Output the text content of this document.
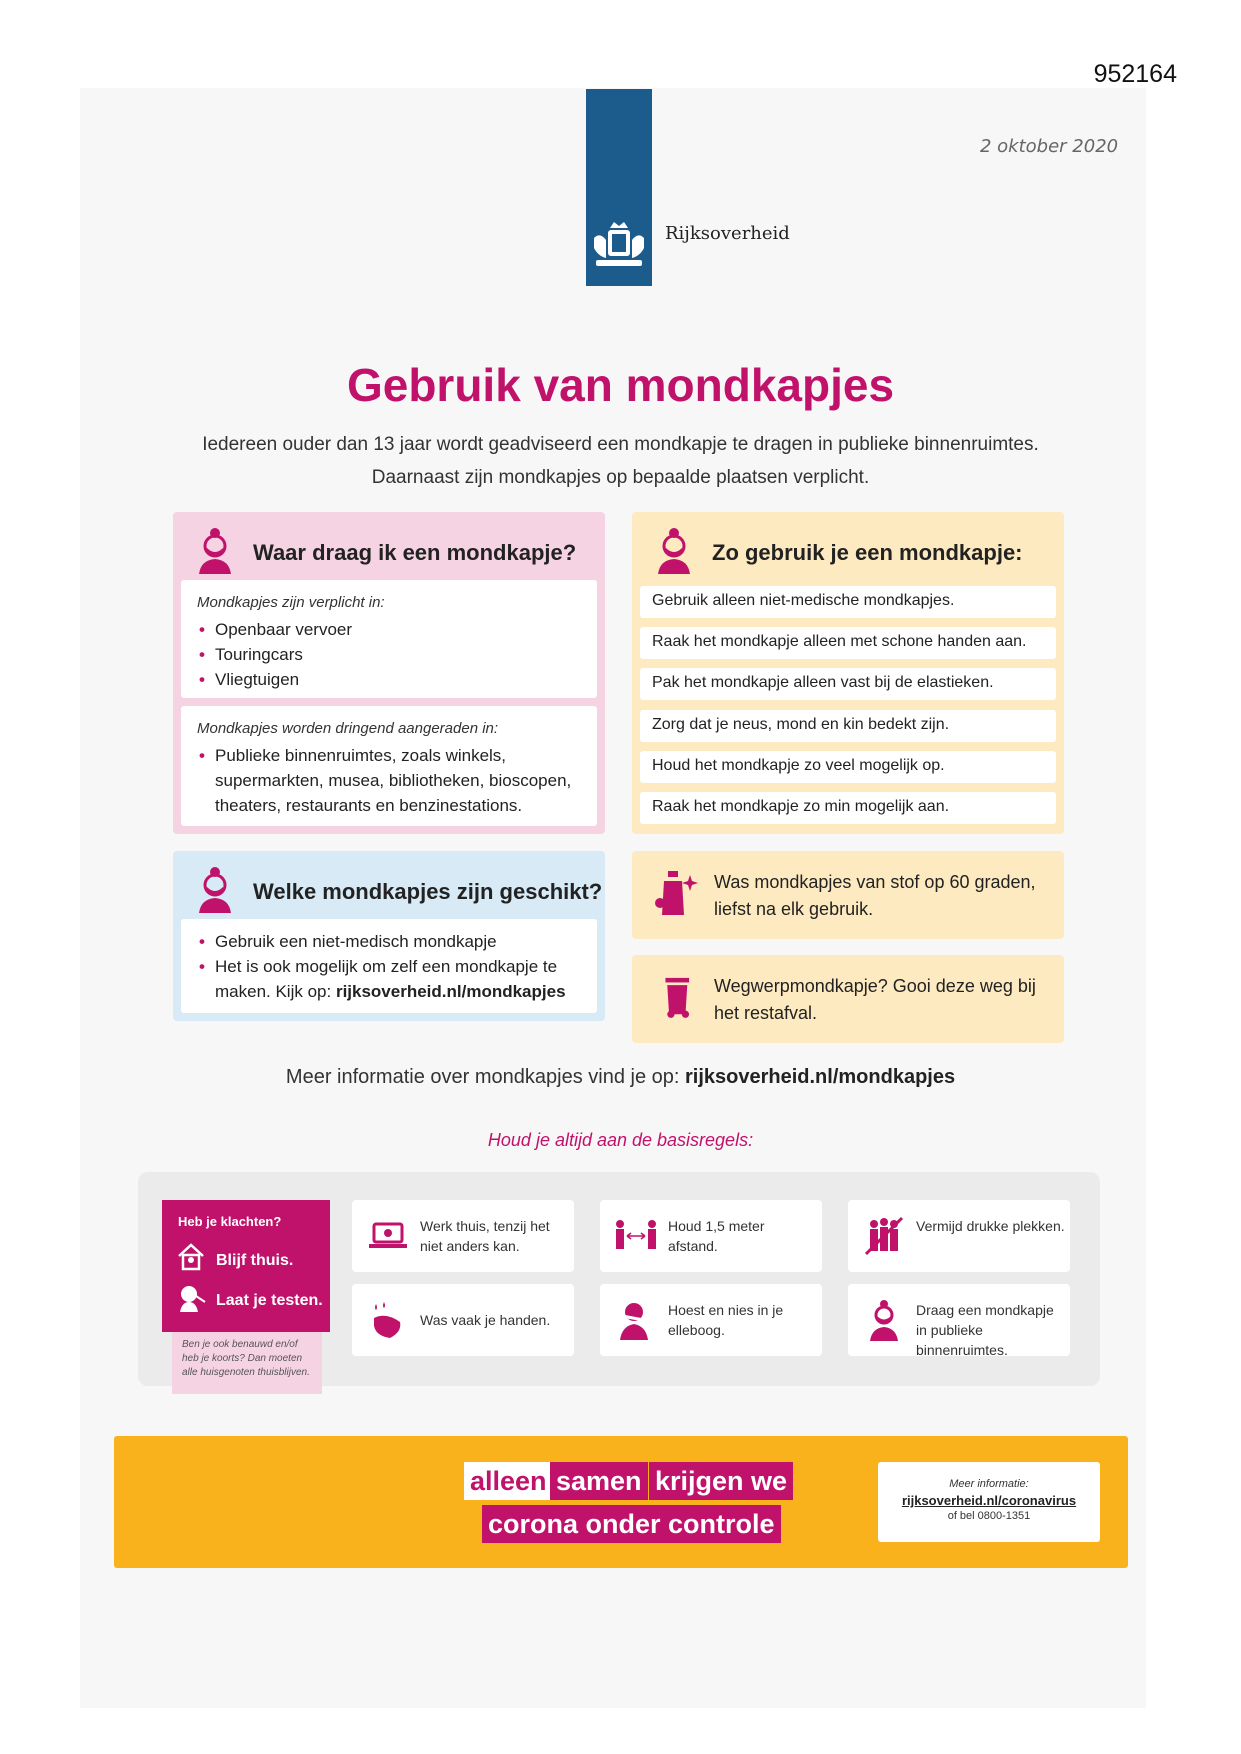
952164
Rijksoverheid
2 oktober 2020
Gebruik van mondkapjes
Iedereen ouder dan 13 jaar wordt geadviseerd een mondkapje te dragen in publieke binnenruimtes.
Daarnaast zijn mondkapjes op bepaalde plaatsen verplicht.
Waar draag ik een mondkapje?
Mondkapjes zijn verplicht in:
• Openbaar vervoer
• Touringcars
• Vliegtuigen
Mondkapjes worden dringend aangeraden in:
• Publieke binnenruimtes, zoals winkels, supermarkten, musea, bibliotheken, bioscopen, theaters, restaurants en benzinestations.
Zo gebruik je een mondkapje:
Gebruik alleen niet-medische mondkapjes.
Raak het mondkapje alleen met schone handen aan.
Pak het mondkapje alleen vast bij de elastieken.
Zorg dat je neus, mond en kin bedekt zijn.
Houd het mondkapje zo veel mogelijk op.
Raak het mondkapje zo min mogelijk aan.
Welke mondkapjes zijn geschikt?
• Gebruik een niet-medisch mondkapje
• Het is ook mogelijk om zelf een mondkapje te maken. Kijk op: rijksoverheid.nl/mondkapjes
Was mondkapjes van stof op 60 graden, liefst na elk gebruik.
Wegwerpmondkapje? Gooi deze weg bij het restafval.
Meer informatie over mondkapjes vind je op: rijksoverheid.nl/mondkapjes
Houd je altijd aan de basisregels:
Heb je klachten?
Blijf thuis.
Laat je testen.
Ben je ook benauwd en/of heb je koorts? Dan moeten alle huisgenoten thuisblijven.
Werk thuis, tenzij het niet anders kan.
Houd 1,5 meter afstand.
Vermijd drukke plekken.
Was vaak je handen.
Hoest en nies in je elleboog.
Draag een mondkapje in publieke binnenruimtes.
alleen samen krijgen we
corona onder controle
Meer informatie:
rijksoverheid.nl/coronavirus
of bel 0800-1351
